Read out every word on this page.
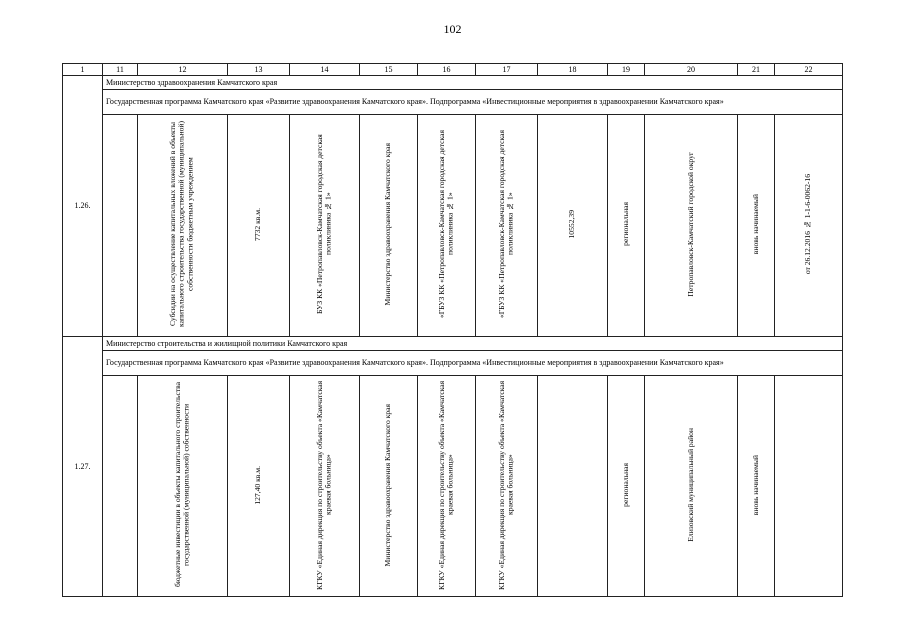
102
1	11	12	13	14	15	16	17	18	19	20	21	22
1.26.	Министерство здравоохранения Камчатского края											
	Государственная программа Камчатского края «Развитие здравоохранения Камчатского края». Подпрограмма «Инвестиционные мероприятия в здравоохранении Камчатского края»											
		Субсидии на осуществление капитальных вложений в объекты капитального строительства государственной (муниципальной) собственности бюджетным учреждением	7732 кв.м.	БУЗ КК «Петропавловск-Камчатская городская детская поликлиника № 1»	Министерство здравоохранения Камчатского края	«ГБУЗ КК «Петропавловск-Камчатская городская детская поликлиника № 1»	«ГБУЗ КК «Петропавловск-Камчатская городская детская поликлиника № 1»	10552,39	региональная	Петропавловск-Камчатский городской округ	вновь начинаемый	от 26.12.2016 № 1-1-6-0062-16
1.27.	Министерство строительства и жилищной политики Камчатского края											
	Государственная программа Камчатского края «Развитие здравоохранения Камчатского края». Подпрограмма «Инвестиционные мероприятия в здравоохранении Камчатского края»											
		бюджетные инвестиции в объекты капитального строительства государственной (муниципальной) собственности	127,40 кв.м.	КГКУ «Единая дирекция по строительству объекта «Камчатская краевая больница»	Министерство здравоохранения Камчатского края	КГКУ «Единая дирекция по строительству объекта «Камчатская краевая больница»	КГКУ «Единая дирекция по строительству объекта «Камчатская краевая больница»		региональная	Елизовский муниципальный район	вновь начинаемый	
